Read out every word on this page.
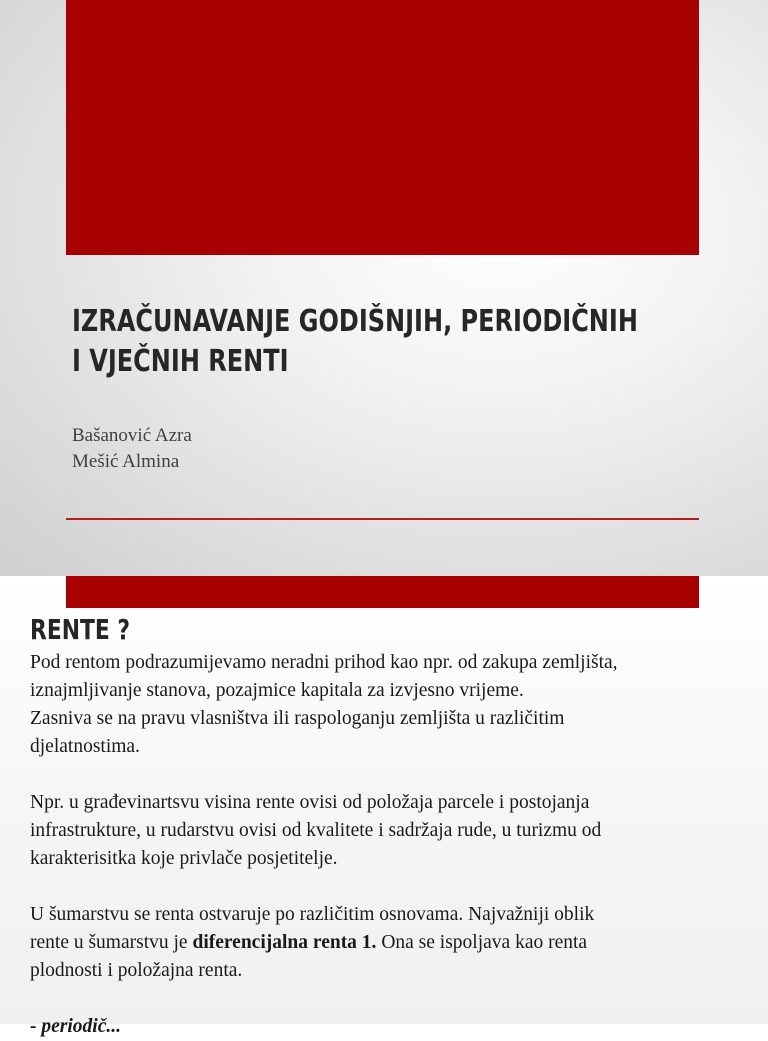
IZRAČUNAVANJE GODIŠNJIH, PERIODIČNIH
I VJEČNIH RENTI
Bašanović Azra
Mešić Almina
RENTE ?
Pod rentom podrazumijevamo neradni prihod kao npr. od zakupa zemljišta,
iznajmljivanje stanova, pozajmice kapitala za izvjesno vrijeme.
Zasniva se na pravu vlasništva ili raspologanju zemljišta u različitim
djelatnostima.
Npr. u građevinartsvu visina rente ovisi od položaja parcele i postojanja
infrastrukture, u rudarstvu ovisi od kvalitete i sadržaja rude, u turizmu od
karakterisitka koje privlače posjetitelje.
U šumarstvu se renta ostvaruje po različitim osnovama. Najvažniji oblik
rente u šumarstvu je diferencijalna renta 1. Ona se ispoljava kao renta
plodnosti i položajna renta.
- periodič...
